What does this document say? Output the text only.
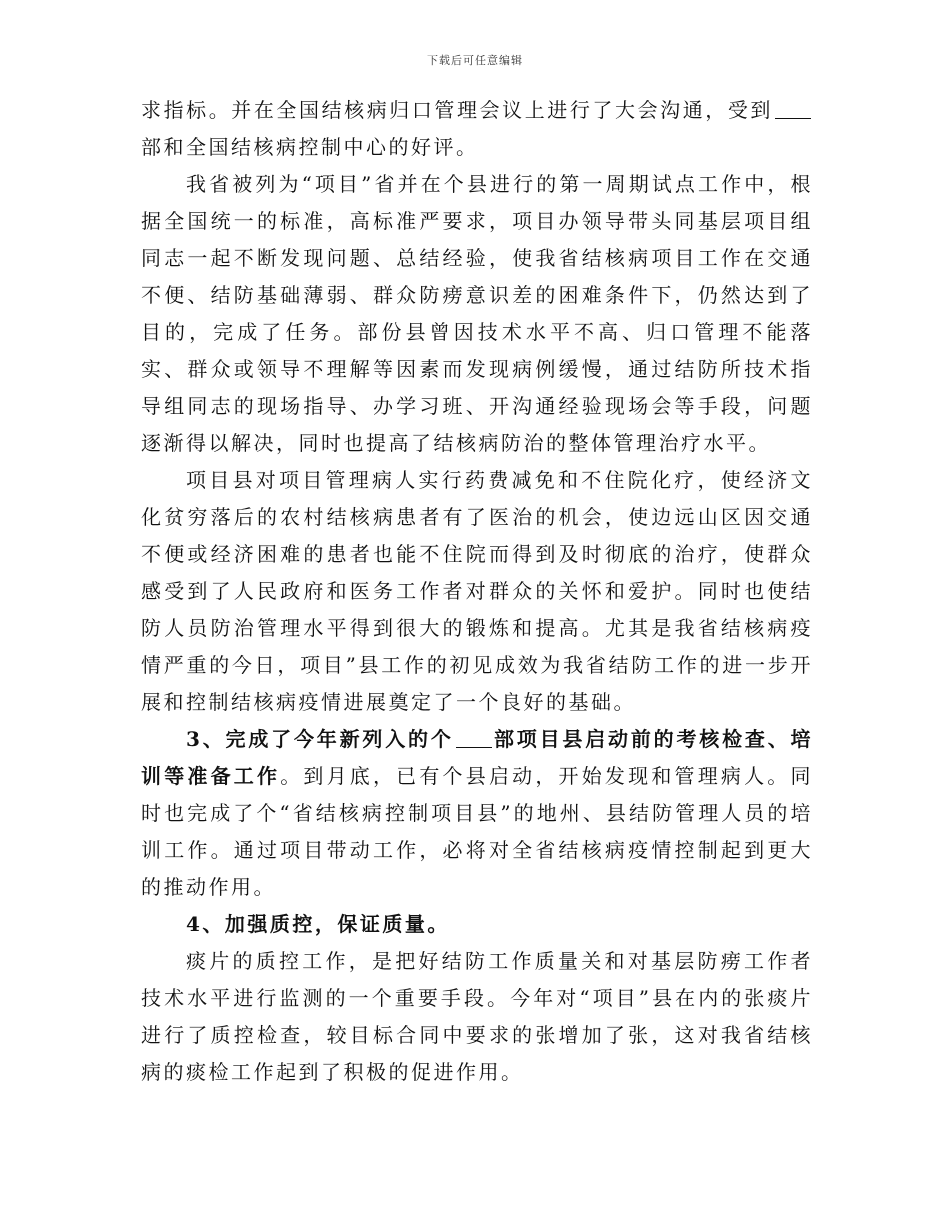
下载后可任意编辑

求指标。并在全国结核病归口管理会议上进行了大会沟通，受到部和全国结核病控制中心的好评。

我省被列为“项目”省并在个县进行的第一周期试点工作中，根据全国统一的标准，高标准严要求，项目办领导带头同基层项目组同志一起不断发现问题、总结经验，使我省结核病项目工作在交通不便、结防基础薄弱、群众防痨意识差的困难条件下，仍然达到了目的，完成了任务。部份县曾因技术水平不高、归口管理不能落实、群众或领导不理解等因素而发现病例缓慢，通过结防所技术指导组同志的现场指导、办学习班、开沟通经验现场会等手段，问题逐渐得以解决，同时也提高了结核病防治的整体管理治疗水平。

项目县对项目管理病人实行药费减免和不住院化疗，使经济文化贫穷落后的农村结核病患者有了医治的机会，使边远山区因交通不便或经济困难的患者也能不住院而得到及时彻底的治疗，使群众感受到了人民政府和医务工作者对群众的关怀和爱护。同时也使结防人员防治管理水平得到很大的锻炼和提高。尤其是我省结核病疫情严重的今日，项目”县工作的初见成效为我省结防工作的进一步开展和控制结核病疫情进展奠定了一个良好的基础。

3、完成了今年新列入的个 部项目县启动前的考核检查、培训等准备工作。到月底，已有个县启动，开始发现和管理病人。同时也完成了个“省结核病控制项目县”的地州、县结防管理人员的培训工作。通过项目带动工作，必将对全省结核病疫情控制起到更大的推动作用。

4、加强质控，保证质量。

痰片的质控工作，是把好结防工作质量关和对基层防痨工作者技术水平进行监测的一个重要手段。今年对“项目”县在内的张痰片进行了质控检查，较目标合同中要求的张增加了张，这对我省结核病的痰检工作起到了积极的促进作用。
